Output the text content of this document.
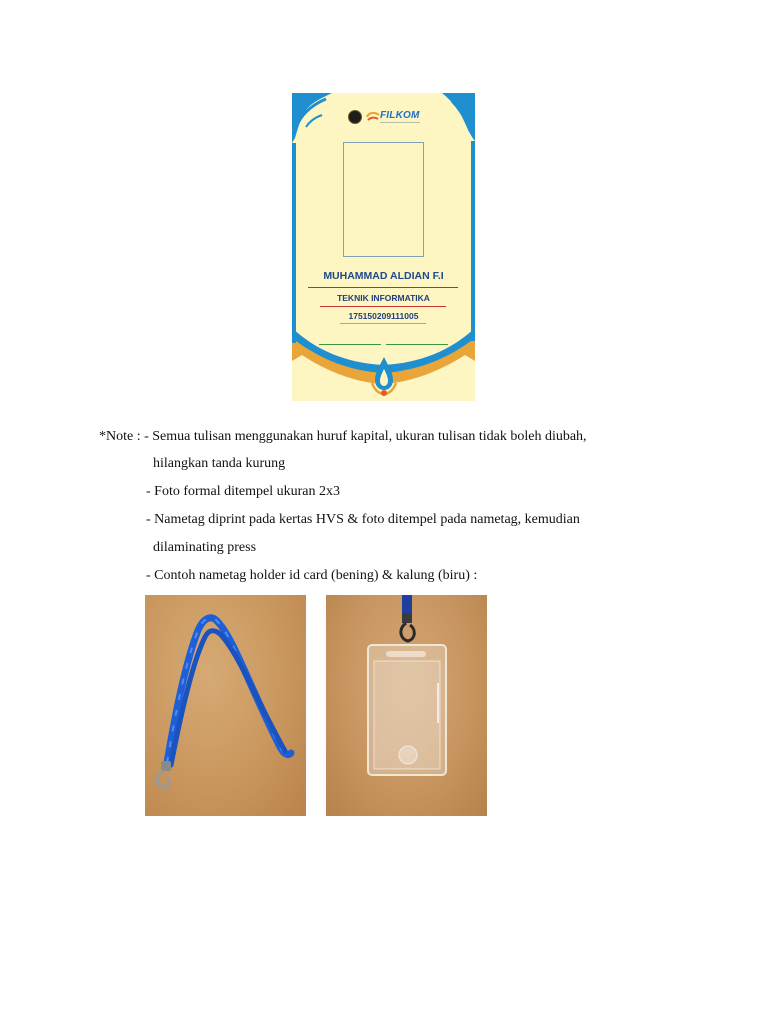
FILKOM
MUHAMMAD ALDIAN F.I
TEKNIK INFORMATIKA
175150209111005
*Note : - Semua tulisan menggunakan huruf kapital, ukuran tulisan tidak boleh diubah,
hilangkan tanda kurung
- Foto formal ditempel ukuran 2x3
- Nametag diprint pada kertas HVS & foto ditempel pada nametag, kemudian
dilaminating press
- Contoh nametag holder id card (bening) & kalung (biru) :
